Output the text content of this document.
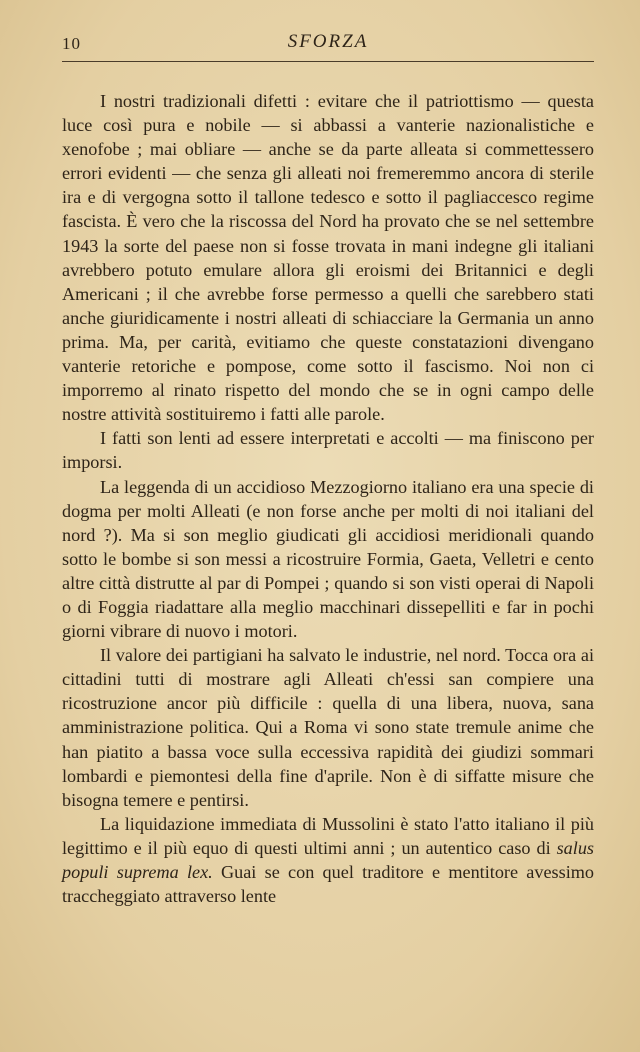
10	SFORZA

I nostri tradizionali difetti : evitare che il patriottismo — questa luce così pura e nobile — si abbassi a vanterie nazionalistiche e xenofobe ; mai obliare — anche se da parte alleata si commettessero errori evidenti — che senza gli alleati noi fremeremmo ancora di sterile ira e di vergogna sotto il tallone tedesco e sotto il pagliaccesco regime fascista. È vero che la riscossa del Nord ha provato che se nel settembre 1943 la sorte del paese non si fosse trovata in mani indegne gli italiani avrebbero potuto emulare allora gli eroismi dei Britannici e degli Americani ; il che avrebbe forse permesso a quelli che sarebbero stati anche giuridicamente i nostri alleati di schiacciare la Germania un anno prima. Ma, per carità, evitiamo che queste constatazioni divengano vanterie retoriche e pompose, come sotto il fascismo. Noi non ci imporremo al rinato rispetto del mondo che se in ogni campo delle nostre attività sostituiremo i fatti alle parole.

I fatti son lenti ad essere interpretati e accolti — ma finiscono per imporsi.

La leggenda di un accidioso Mezzogiorno italiano era una specie di dogma per molti Alleati (e non forse anche per molti di noi italiani del nord ?). Ma si son meglio giudicati gli accidiosi meridionali quando sotto le bombe si son messi a ricostruire Formia, Gaeta, Velletri e cento altre città distrutte al par di Pompei ; quando si son visti operai di Napoli o di Foggia riadattare alla meglio macchinari dissepelliti e far in pochi giorni vibrare di nuovo i motori.

Il valore dei partigiani ha salvato le industrie, nel nord. Tocca ora ai cittadini tutti di mostrare agli Alleati ch'essi san compiere una ricostruzione ancor più difficile : quella di una libera, nuova, sana amministrazione politica. Qui a Roma vi sono state tremule anime che han piatito a bassa voce sulla eccessiva rapidità dei giudizi sommari lombardi e piemontesi della fine d'aprile. Non è di siffatte misure che bisogna temere e pentirsi.

La liquidazione immediata di Mussolini è stato l'atto italiano il più legittimo e il più equo di questi ultimi anni ; un autentico caso di salus populi suprema lex. Guai se con quel traditore e mentitore avessimo traccheggiato attraverso lente
